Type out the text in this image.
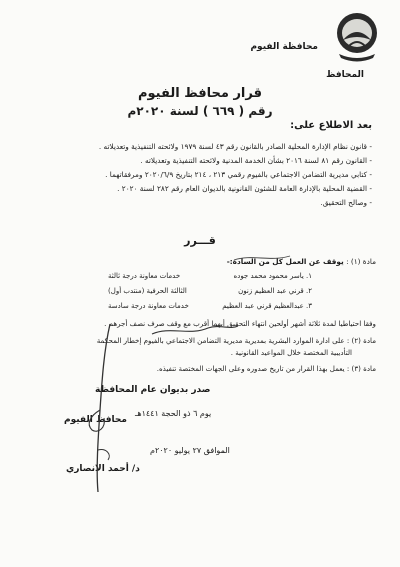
محافظة الفيوم
المحافظ
قرار محافظ الفيوم
رقم ( ٦٦٩ ) لسنة ٢٠٢٠م
بعد الاطلاع على:
- قانون نظام الإدارة المحلية الصادر بالقانون رقم ٤٣ لسنة ١٩٧٩ ولائحته التنفيذية وتعديلاته .
- القانون رقم ٨١ لسنة ٢٠١٦ بشأن الخدمة المدنية ولائحته التنفيذية وتعديلاته .
- كتابي مديرية التضامن الاجتماعي بالفيوم رقمي ٢١٣ ، ٢١٤ بتاريخ ٢٠٢٠/٦/٩ ومرفقاتهما .
- القضية المحلية بالإدارة العامة للشئون القانونية بالديوان العام رقم ٢٨٢ لسنة ٢٠٢٠ .
- وصالح التحقيق.
قـــرر
مادة (١) : يوقف عن العمل كل من السادة:-
١. ياسر محمود محمد جوده
خدمات معاونة درجة ثالثة
٢. قرني عبد العظيم زنون
الثالثة الحرفية (منتدب أول)
٣. عبدالعظيم قرني عبد العظيم
خدمات معاونة درجة سادسة
وفقا احتياطيا لمدة ثلاثة أشهر أولحين انتهاء التحقيق أيهما أقرب مع وقف صرف نصف أجرهم .
مادة (٢) : على ادارة الموارد البشرية بمديرية مديرية التضامن الاجتماعي بالفيوم إخطار المحكمة
التأديبية المختصة خلال المواعيد القانونية .
مادة (٣) : يعمل بهذا القرار من تاريخ صدوره وعلى الجهات المختصة تنفيذه.
صدر بديوان عام المحافظة
يوم ٦ ذو الحجة ١٤٤١هـ
الموافق ٢٧ يوليو ٢٠٢٠م
محافظ الفيوم
د/ أحمد الانصاري
